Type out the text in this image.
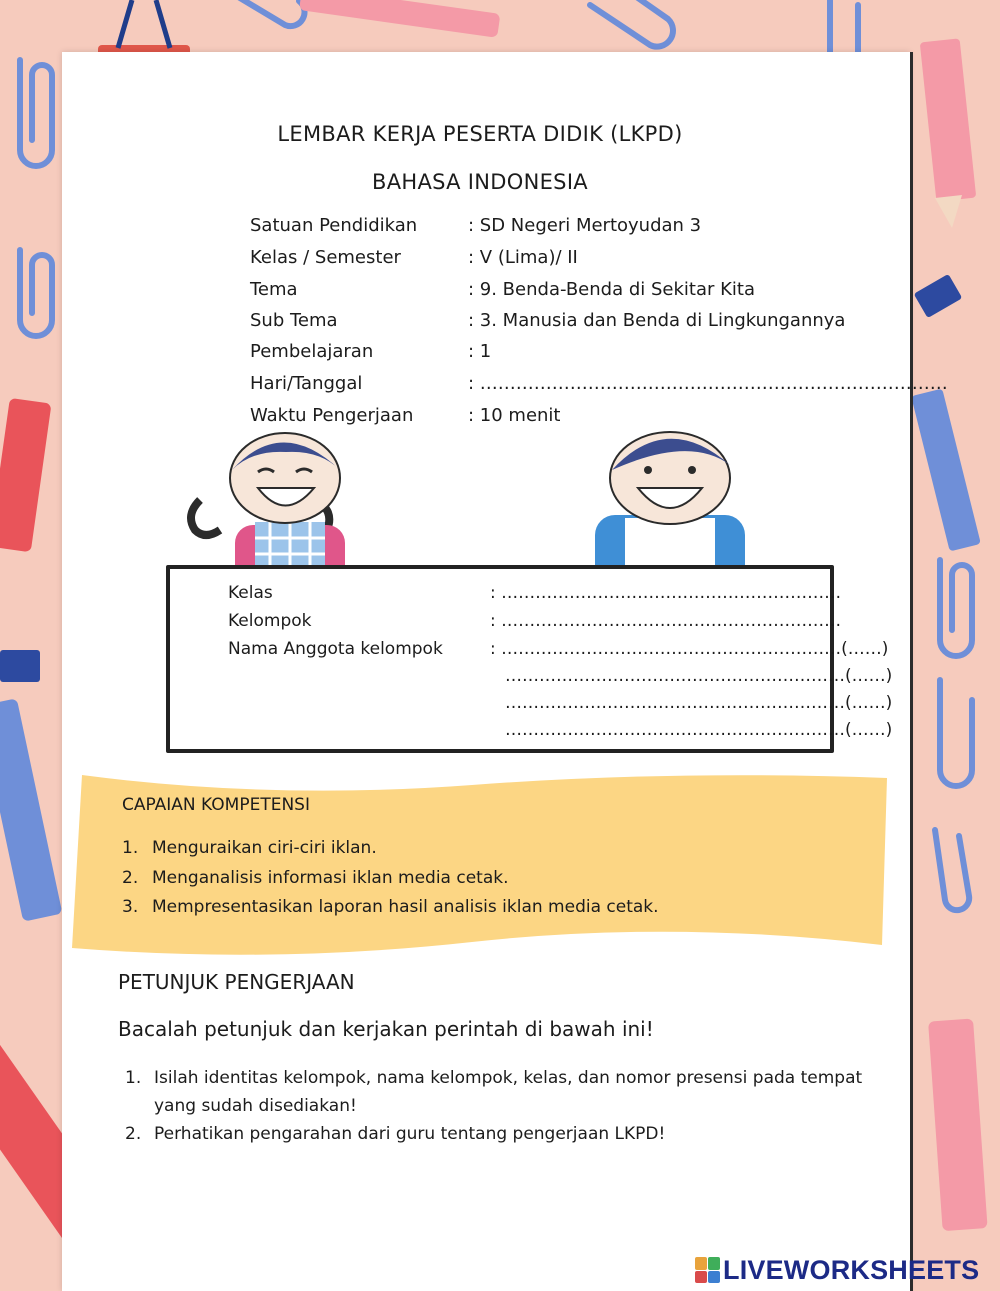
LEMBAR KERJA PESERTA DIDIK (LKPD)
BAHASA INDONESIA
Satuan Pendidikan	: SD Negeri Mertoyudan 3
Kelas / Semester	: V (Lima)/ II
Tema	: 9. Benda-Benda di Sekitar Kita
Sub Tema	: 3. Manusia dan Benda di Lingkungannya
Pembelajaran	: 1
Hari/Tanggal	: ……………………………………………………………………
Waktu Pengerjaan	: 10 menit
Kelas	: ……………………………………………………
Kelompok	: ……………………………………………………
Nama Anggota kelompok	: ……………………………………………………(……)
……………………………………………………(……)
……………………………………………………(……)
……………………………………………………(……)
CAPAIAN KOMPETENSI
1. Menguraikan ciri-ciri iklan.
2. Menganalisis informasi iklan media cetak.
3. Mempresentasikan laporan hasil analisis iklan media cetak.
PETUNJUK PENGERJAAN
Bacalah petunjuk dan kerjakan perintah di bawah ini!
1. Isilah identitas kelompok, nama kelompok, kelas, dan nomor presensi pada tempat yang sudah disediakan!
2. Perhatikan pengarahan dari guru tentang pengerjaan LKPD!
LIVEWORKSHEETS
